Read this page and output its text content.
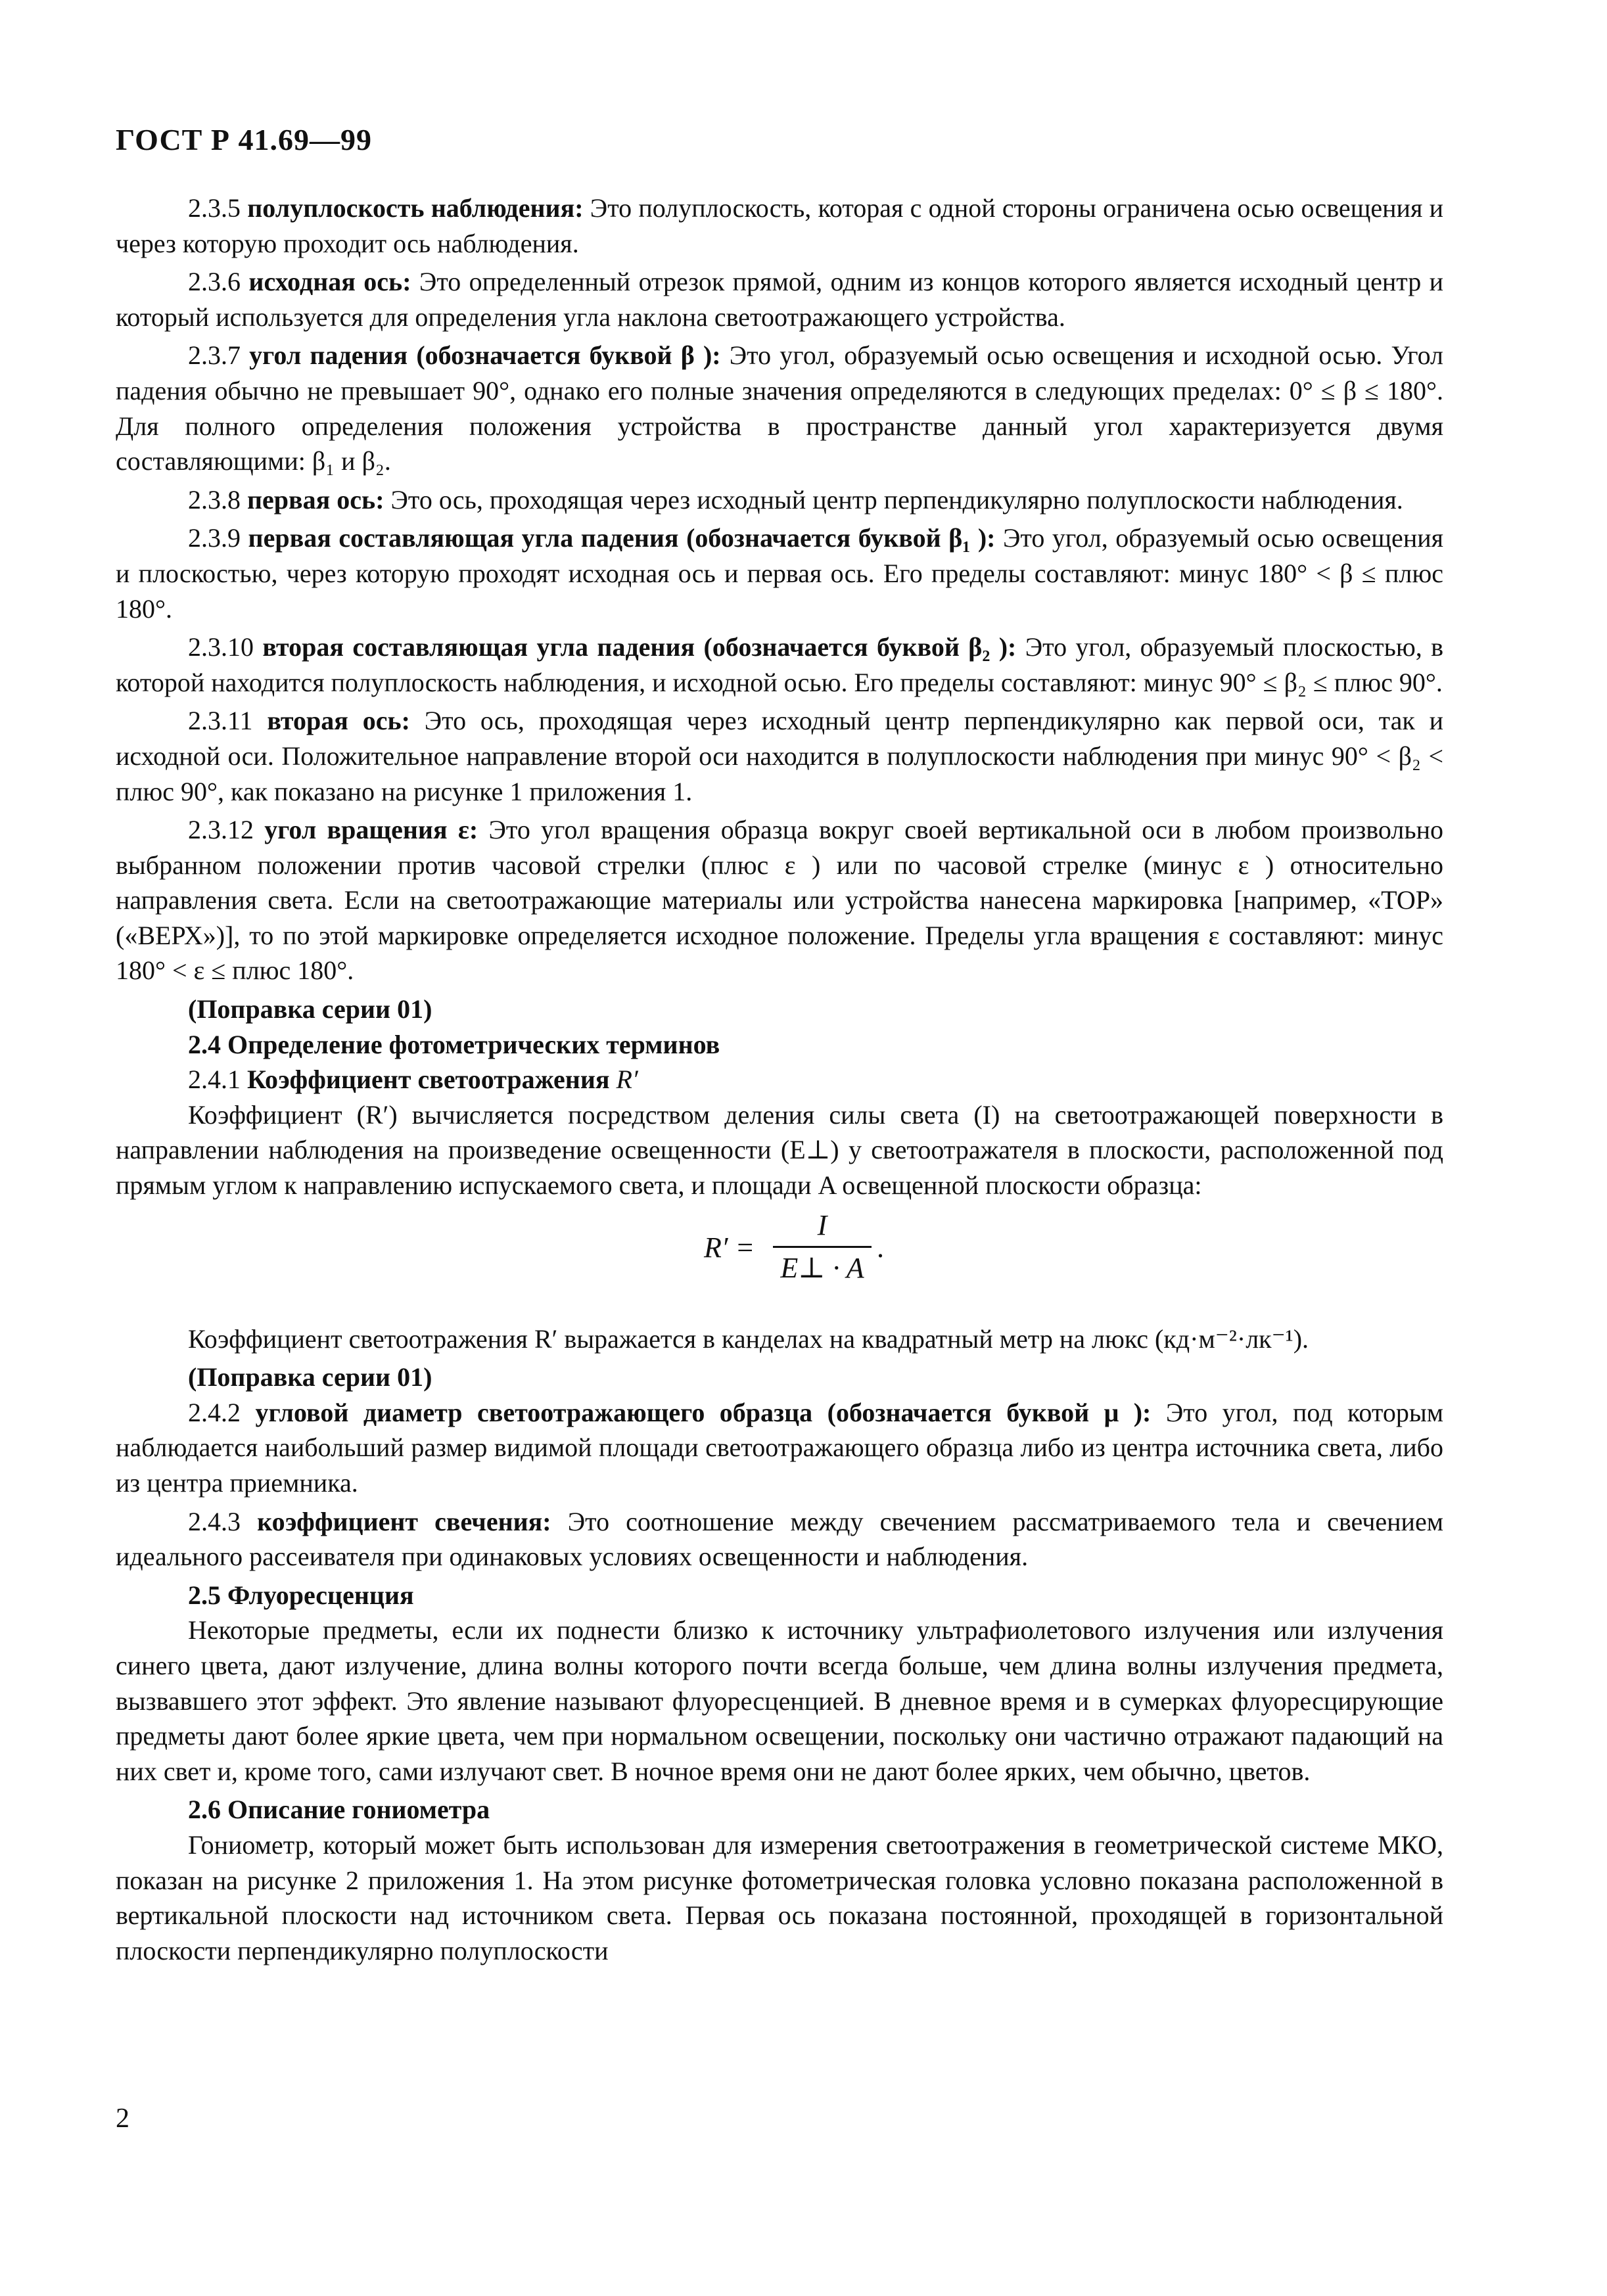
ГОСТ Р 41.69—99

2.3.5 полуплоскость наблюдения: Это полуплоскость, которая с одной стороны ограничена осью освещения и через которую проходит ось наблюдения.

2.3.6 исходная ось: Это определенный отрезок прямой, одним из концов которого является исходный центр и который используется для определения угла наклона светоотражающего устройства.

2.3.7 угол падения (обозначается буквой β ): Это угол, образуемый осью освещения и исходной осью. Угол падения обычно не превышает 90°, однако его полные значения определяются в следующих пределах: 0° ≤ β ≤ 180°. Для полного определения положения устройства в пространстве данный угол характеризуется двумя составляющими: β₁ и β₂.

2.3.8 первая ось: Это ось, проходящая через исходный центр перпендикулярно полуплоскости наблюдения.

2.3.9 первая составляющая угла падения (обозначается буквой β₁ ): Это угол, образуемый осью освещения и плоскостью, через которую проходят исходная ось и первая ось. Его пределы составляют: минус 180° < β ≤ плюс 180°.

2.3.10 вторая составляющая угла падения (обозначается буквой β₂ ): Это угол, образуемый плоскостью, в которой находится полуплоскость наблюдения, и исходной осью. Его пределы составляют: минус 90° ≤ β₂ ≤ плюс 90°.

2.3.11 вторая ось: Это ось, проходящая через исходный центр перпендикулярно как первой оси, так и исходной оси. Положительное направление второй оси находится в полуплоскости наблюдения при минус 90° < β₂ < плюс 90°, как показано на рисунке 1 приложения 1.

2.3.12 угол вращения ε: Это угол вращения образца вокруг своей вертикальной оси в любом произвольно выбранном положении против часовой стрелки (плюс ε ) или по часовой стрелке (минус ε ) относительно направления света. Если на светоотражающие материалы или устройства нанесена маркировка [например, «TOP» («ВЕРХ»)], то по этой маркировке определяется исходное положение. Пределы угла вращения ε составляют: минус 180° < ε ≤ плюс 180°.

(Поправка серии 01)

2.4 Определение фотометрических терминов

2.4.1 Коэффициент светоотражения R′

Коэффициент (R′) вычисляется посредством деления силы света (I) на светоотражающей поверхности в направлении наблюдения на произведение освещенности (E⊥) у светоотражателя в плоскости, расположенной под прямым углом к направлению испускаемого света, и площади A освещенной плоскости образца:

R′ =
I
E⊥ · A
.

Коэффициент светоотражения R′ выражается в канделах на квадратный метр на люкс (кд·м⁻²·лк⁻¹).

(Поправка серии 01)

2.4.2 угловой диаметр светоотражающего образца (обозначается буквой μ ): Это угол, под которым наблюдается наибольший размер видимой площади светоотражающего образца либо из центра источника света, либо из центра приемника.

2.4.3 коэффициент свечения: Это соотношение между свечением рассматриваемого тела и свечением идеального рассеивателя при одинаковых условиях освещенности и наблюдения.

2.5 Флуоресценция

Некоторые предметы, если их поднести близко к источнику ультрафиолетового излучения или излучения синего цвета, дают излучение, длина волны которого почти всегда больше, чем длина волны излучения предмета, вызвавшего этот эффект. Это явление называют флуоресценцией. В дневное время и в сумерках флуоресцирующие предметы дают более яркие цвета, чем при нормальном освещении, поскольку они частично отражают падающий на них свет и, кроме того, сами излучают свет. В ночное время они не дают более ярких, чем обычно, цветов.

2.6 Описание гониометра

Гониометр, который может быть использован для измерения светоотражения в геометрической системе МКО, показан на рисунке 2 приложения 1. На этом рисунке фотометрическая головка условно показана расположенной в вертикальной плоскости над источником света. Первая ось показана постоянной, проходящей в горизонтальной плоскости перпендикулярно полуплоскости

2
